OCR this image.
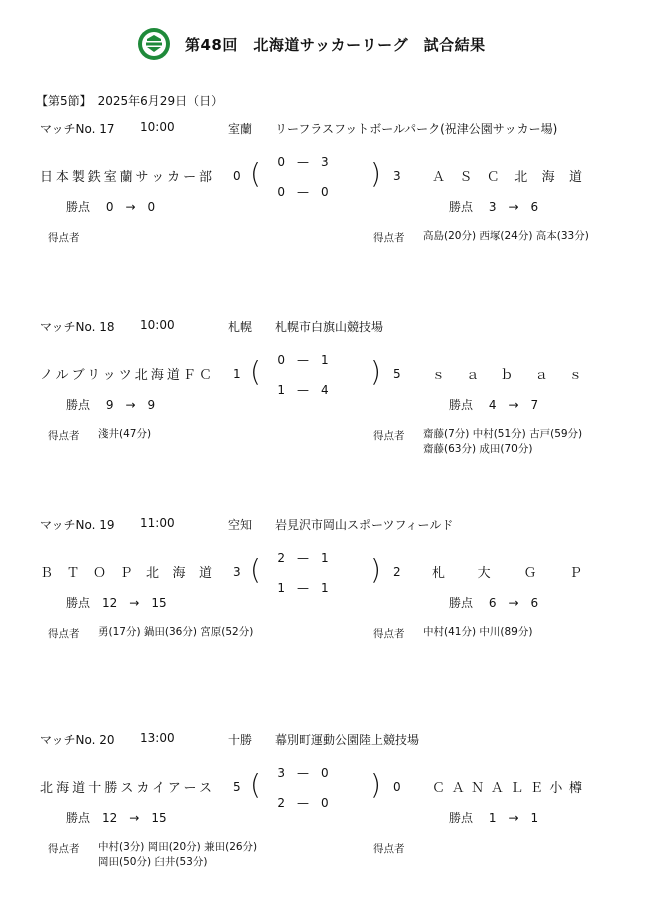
第48回　北海道サッカーリーグ　試合結果
【第5節】　2025年6月29日（日）
マッチNo. 17 10:00	室蘭 リーフラスフットボールパーク(祝津公園サッカー場)
日本製鉄室蘭サッカー部	ＡＳＣ北海道
0 (	0　—　3
0　—　0
) 3
勝点　 0　→　0	勝点　 3　→　6
得点者	得点者 高島(20分) 西塚(24分) 高本(33分)
マッチNo. 18 10:00	札幌 札幌市白旗山競技場
ノルブリッツ北海道ＦＣ	ｓａｂａｓ
1 (	0　—　1
1　—　4
) 5
勝点　 9　→　9	勝点　 4　→　7
得点者 淺井(47分)	得点者 齋藤(7分) 中村(51分) 古戸(59分)
齋藤(63分) 成田(70分)
マッチNo. 19 11:00	空知 岩見沢市岡山スポーツフィールド
ＢＴＯＰ北海道	札大ＧＰ
3 (	2　—　1
1　—　1
) 2
勝点　12　→　15	勝点　 6　→　6
得点者 勇(17分) 鍋田(36分) 宮原(52分)	得点者 中村(41分) 中川(89分)
マッチNo. 20 13:00	十勝 幕別町運動公園陸上競技場
北海道十勝スカイアース	ＣＡＮＡＬＥ小樽
5 (	3　—　0
2　—　0
) 0
勝点　12　→　15	勝点　 1　→　1
得点者 中村(3分) 岡田(20分) 兼田(26分)
岡田(50分) 臼井(53分)
得点者
